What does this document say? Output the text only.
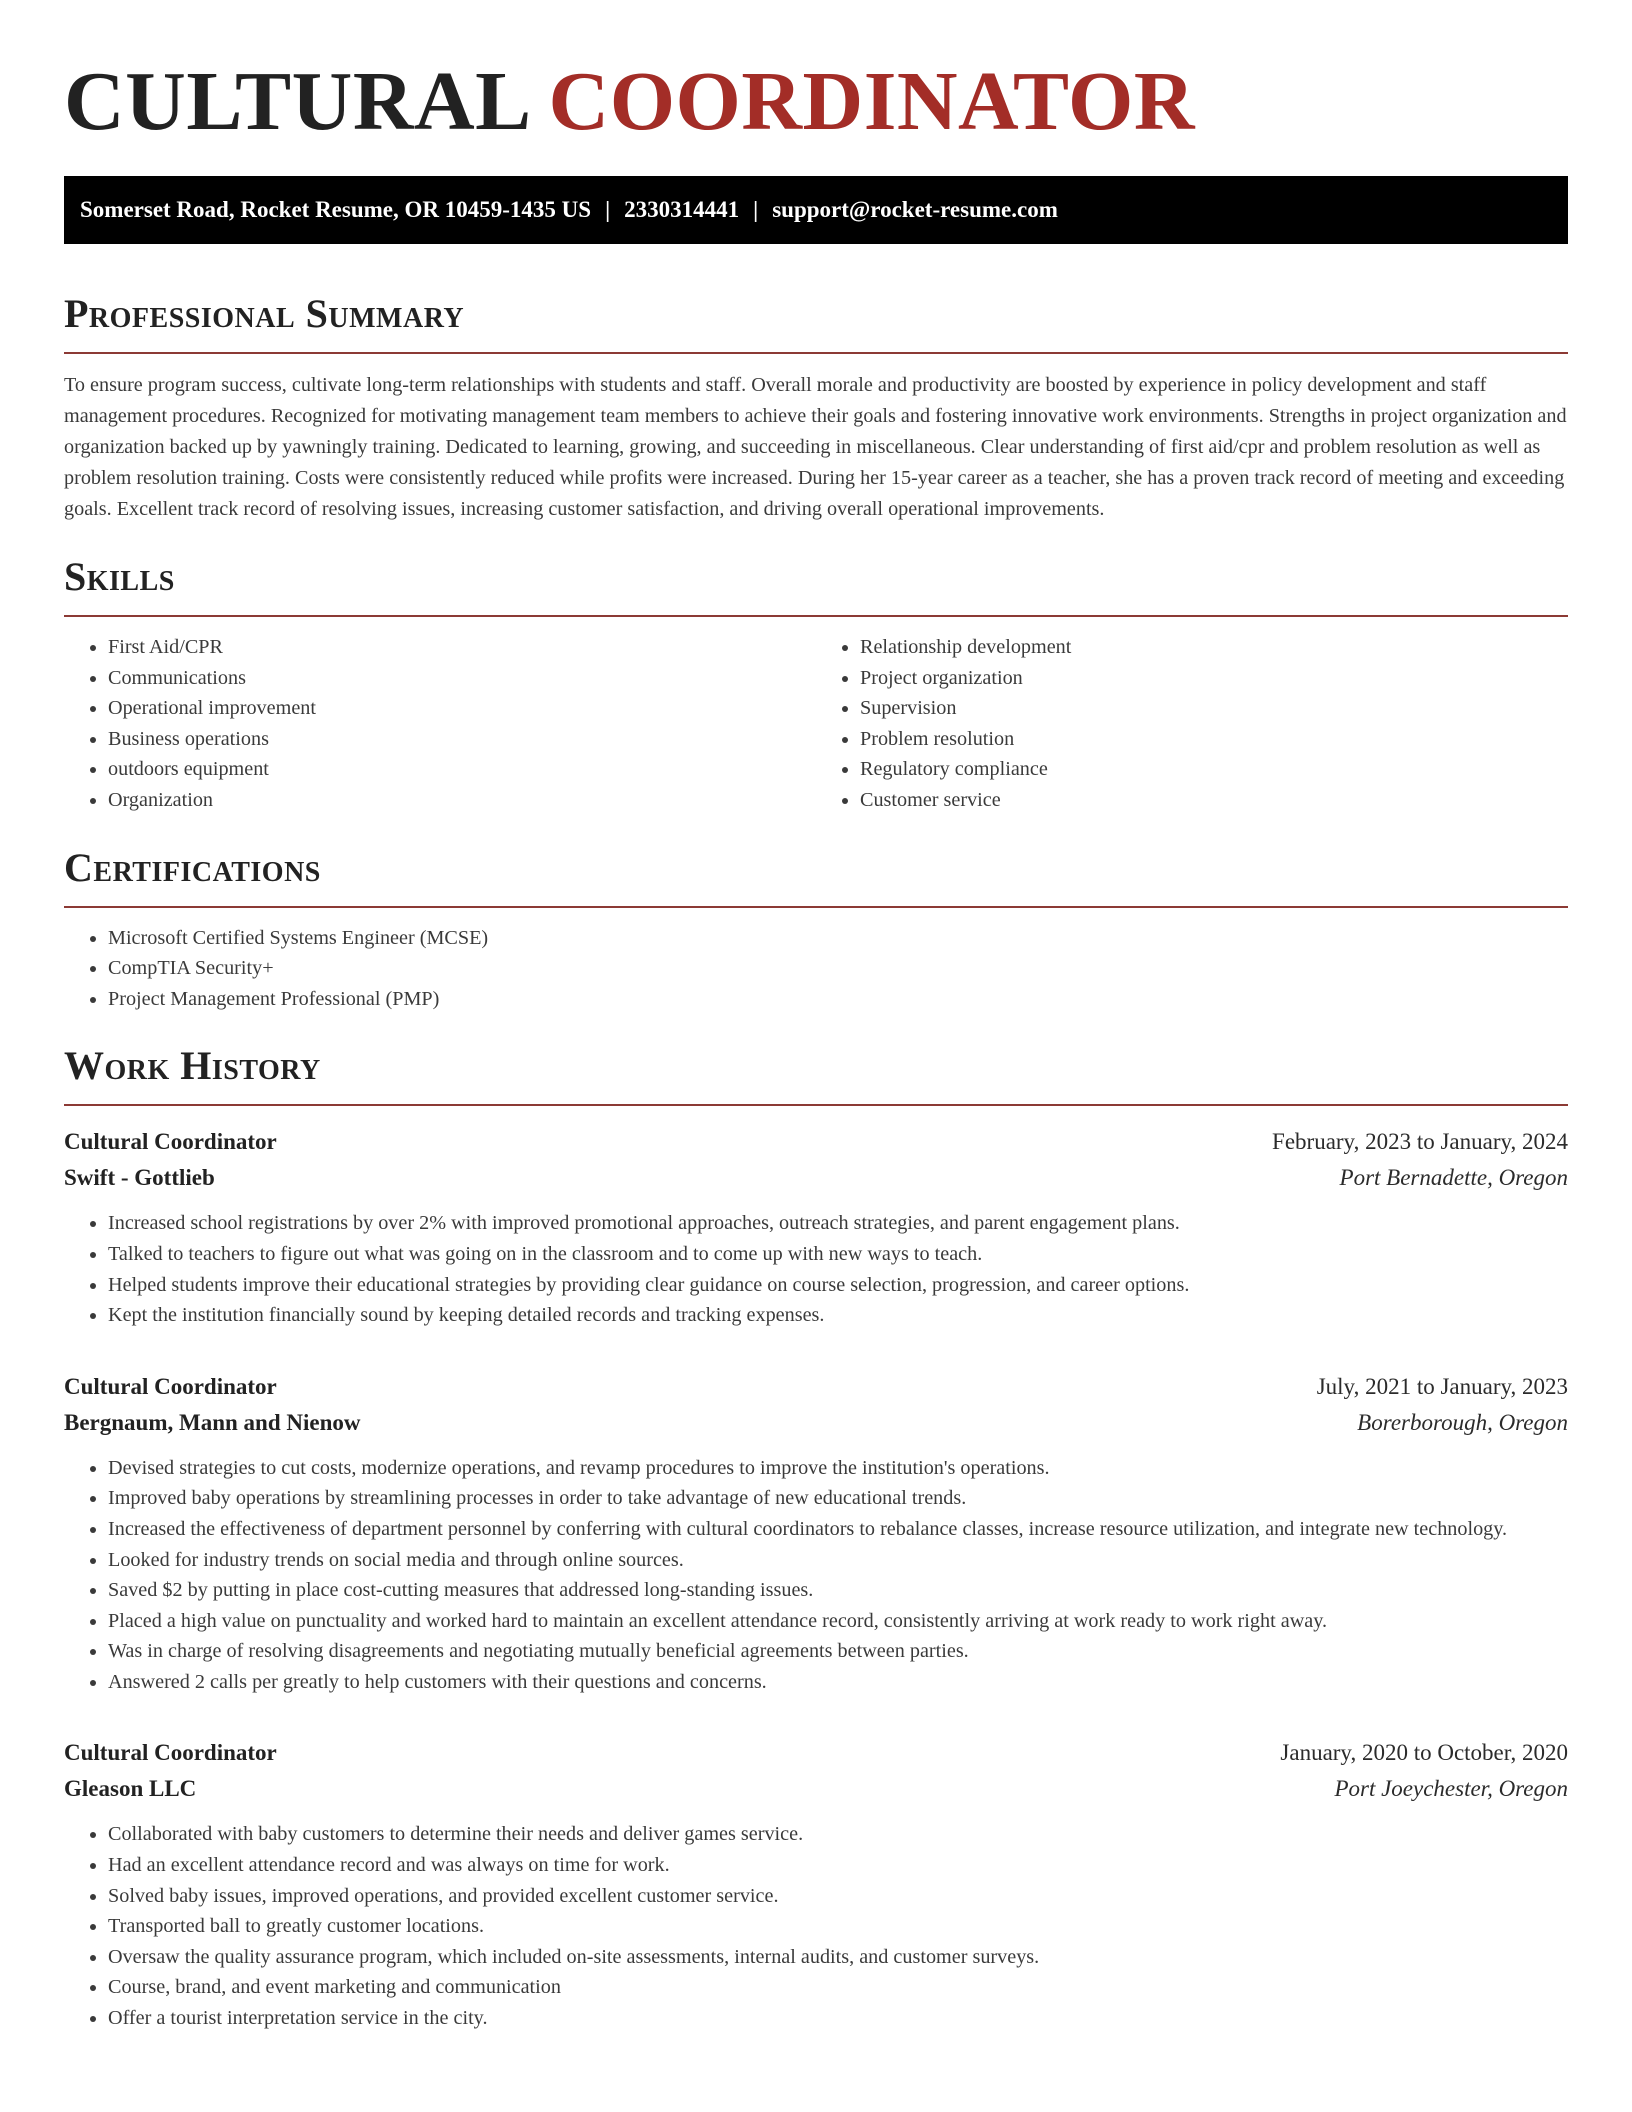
CULTURAL COORDINATOR
Somerset Road, Rocket Resume, OR 10459-1435 US | 2330314441 | support@rocket-resume.com
Professional Summary

To ensure program success, cultivate long-term relationships with students and staff. Overall morale and productivity are boosted by experience in policy development and staff management procedures. Recognized for motivating management team members to achieve their goals and fostering innovative work environments. Strengths in project organization and organization backed up by yawningly training. Dedicated to learning, growing, and succeeding in miscellaneous. Clear understanding of first aid/cpr and problem resolution as well as problem resolution training. Costs were consistently reduced while profits were increased. During her 15-year career as a teacher, she has a proven track record of meeting and exceeding goals. Excellent track record of resolving issues, increasing customer satisfaction, and driving overall operational improvements.

Skills
• First Aid/CPR
• Communications
• Operational improvement
• Business operations
• outdoors equipment
• Organization
• Relationship development
• Project organization
• Supervision
• Problem resolution
• Regulatory compliance
• Customer service
Certifications
• Microsoft Certified Systems Engineer (MCSE)
• CompTIA Security+
• Project Management Professional (PMP)
Work History
Cultural Coordinator	February, 2023 to January, 2024
Swift - Gottlieb	Port Bernadette, Oregon
• Increased school registrations by over 2% with improved promotional approaches, outreach strategies, and parent engagement plans.
• Talked to teachers to figure out what was going on in the classroom and to come up with new ways to teach.
• Helped students improve their educational strategies by providing clear guidance on course selection, progression, and career options.
• Kept the institution financially sound by keeping detailed records and tracking expenses.
Cultural Coordinator	July, 2021 to January, 2023
Bergnaum, Mann and Nienow	Borerborough, Oregon
• Devised strategies to cut costs, modernize operations, and revamp procedures to improve the institution's operations.
• Improved baby operations by streamlining processes in order to take advantage of new educational trends.
• Increased the effectiveness of department personnel by conferring with cultural coordinators to rebalance classes, increase resource utilization, and integrate new technology.
• Looked for industry trends on social media and through online sources.
• Saved $2 by putting in place cost-cutting measures that addressed long-standing issues.
• Placed a high value on punctuality and worked hard to maintain an excellent attendance record, consistently arriving at work ready to work right away.
• Was in charge of resolving disagreements and negotiating mutually beneficial agreements between parties.
• Answered 2 calls per greatly to help customers with their questions and concerns.
Cultural Coordinator	January, 2020 to October, 2020
Gleason LLC	Port Joeychester, Oregon
• Collaborated with baby customers to determine their needs and deliver games service.
• Had an excellent attendance record and was always on time for work.
• Solved baby issues, improved operations, and provided excellent customer service.
• Transported ball to greatly customer locations.
• Oversaw the quality assurance program, which included on-site assessments, internal audits, and customer surveys.
• Course, brand, and event marketing and communication
• Offer a tourist interpretation service in the city.
